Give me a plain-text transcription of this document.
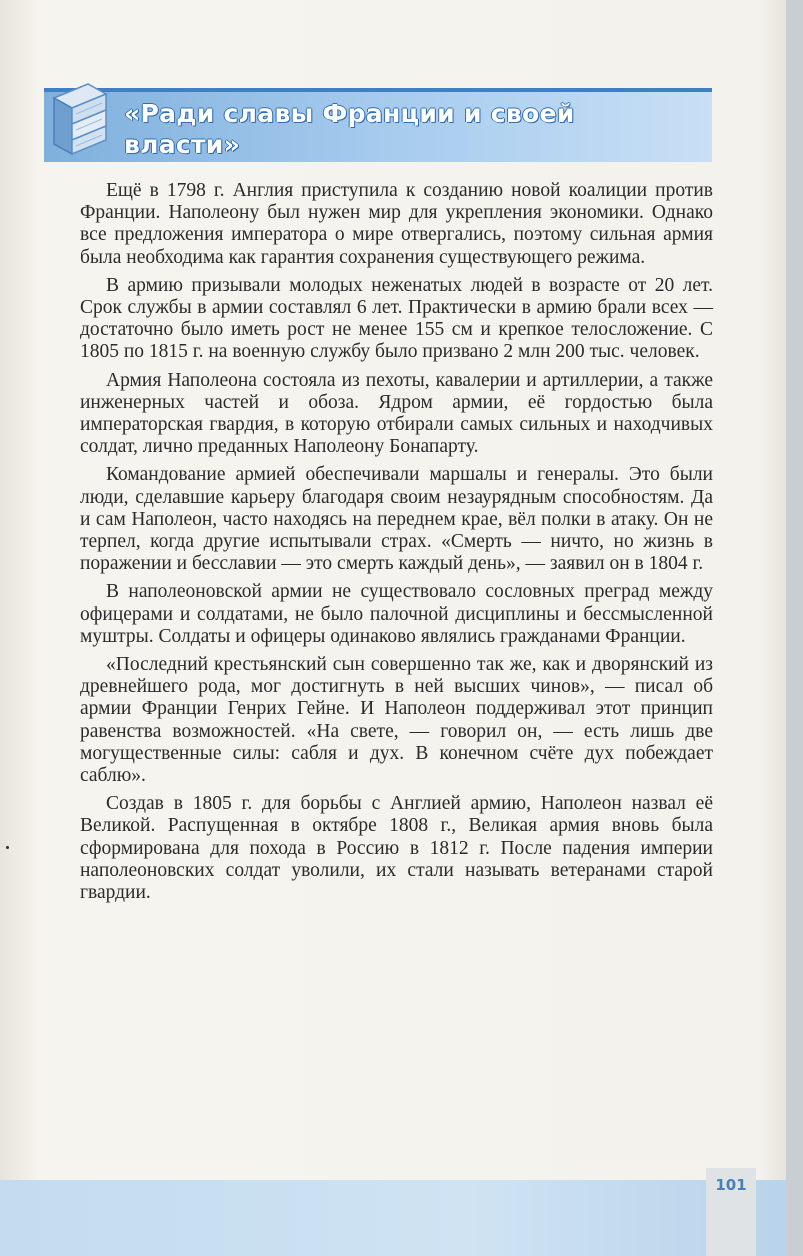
«Ради славы Франции и своей
власти»

Ещё в 1798 г. Англия приступила к созданию новой коалиции против Франции. Наполеону был нужен мир для укрепления экономики. Однако все предложения императора о мире отвергались, поэтому сильная армия была необходима как гарантия сохранения существующего режима.

В армию призывали молодых неженатых людей в возрасте от 20 лет. Срок службы в армии составлял 6 лет. Практически в армию брали всех — достаточно было иметь рост не менее 155 см и крепкое телосложение. С 1805 по 1815 г. на военную службу было призвано 2 млн 200 тыс. человек.

Армия Наполеона состояла из пехоты, кавалерии и артиллерии, а также инженерных частей и обоза. Ядром армии, её гордостью была императорская гвардия, в которую отбирали самых сильных и находчивых солдат, лично преданных Наполеону Бонапарту.

Командование армией обеспечивали маршалы и генералы. Это были люди, сделавшие карьеру благодаря своим незаурядным способностям. Да и сам Наполеон, часто находясь на переднем крае, вёл полки в атаку. Он не терпел, когда другие испытывали страх. «Смерть — ничто, но жизнь в поражении и бесславии — это смерть каждый день», — заявил он в 1804 г.

В наполеоновской армии не существовало сословных преград между офицерами и солдатами, не было палочной дисциплины и бессмысленной муштры. Солдаты и офицеры одинаково являлись гражданами Франции.

«Последний крестьянский сын совершенно так же, как и дворянский из древнейшего рода, мог достигнуть в ней высших чинов», — писал об армии Франции Генрих Гейне. И Наполеон поддерживал этот принцип равенства возможностей. «На свете, — говорил он, — есть лишь две могущественные силы: сабля и дух. В конечном счёте дух побеждает саблю».

Создав в 1805 г. для борьбы с Англией армию, Наполеон назвал её Великой. Распущенная в октябре 1808 г., Великая армия вновь была сформирована для похода в Россию в 1812 г. После падения империи наполеоновских солдат уволили, их стали называть ветеранами старой гвардии.

101
